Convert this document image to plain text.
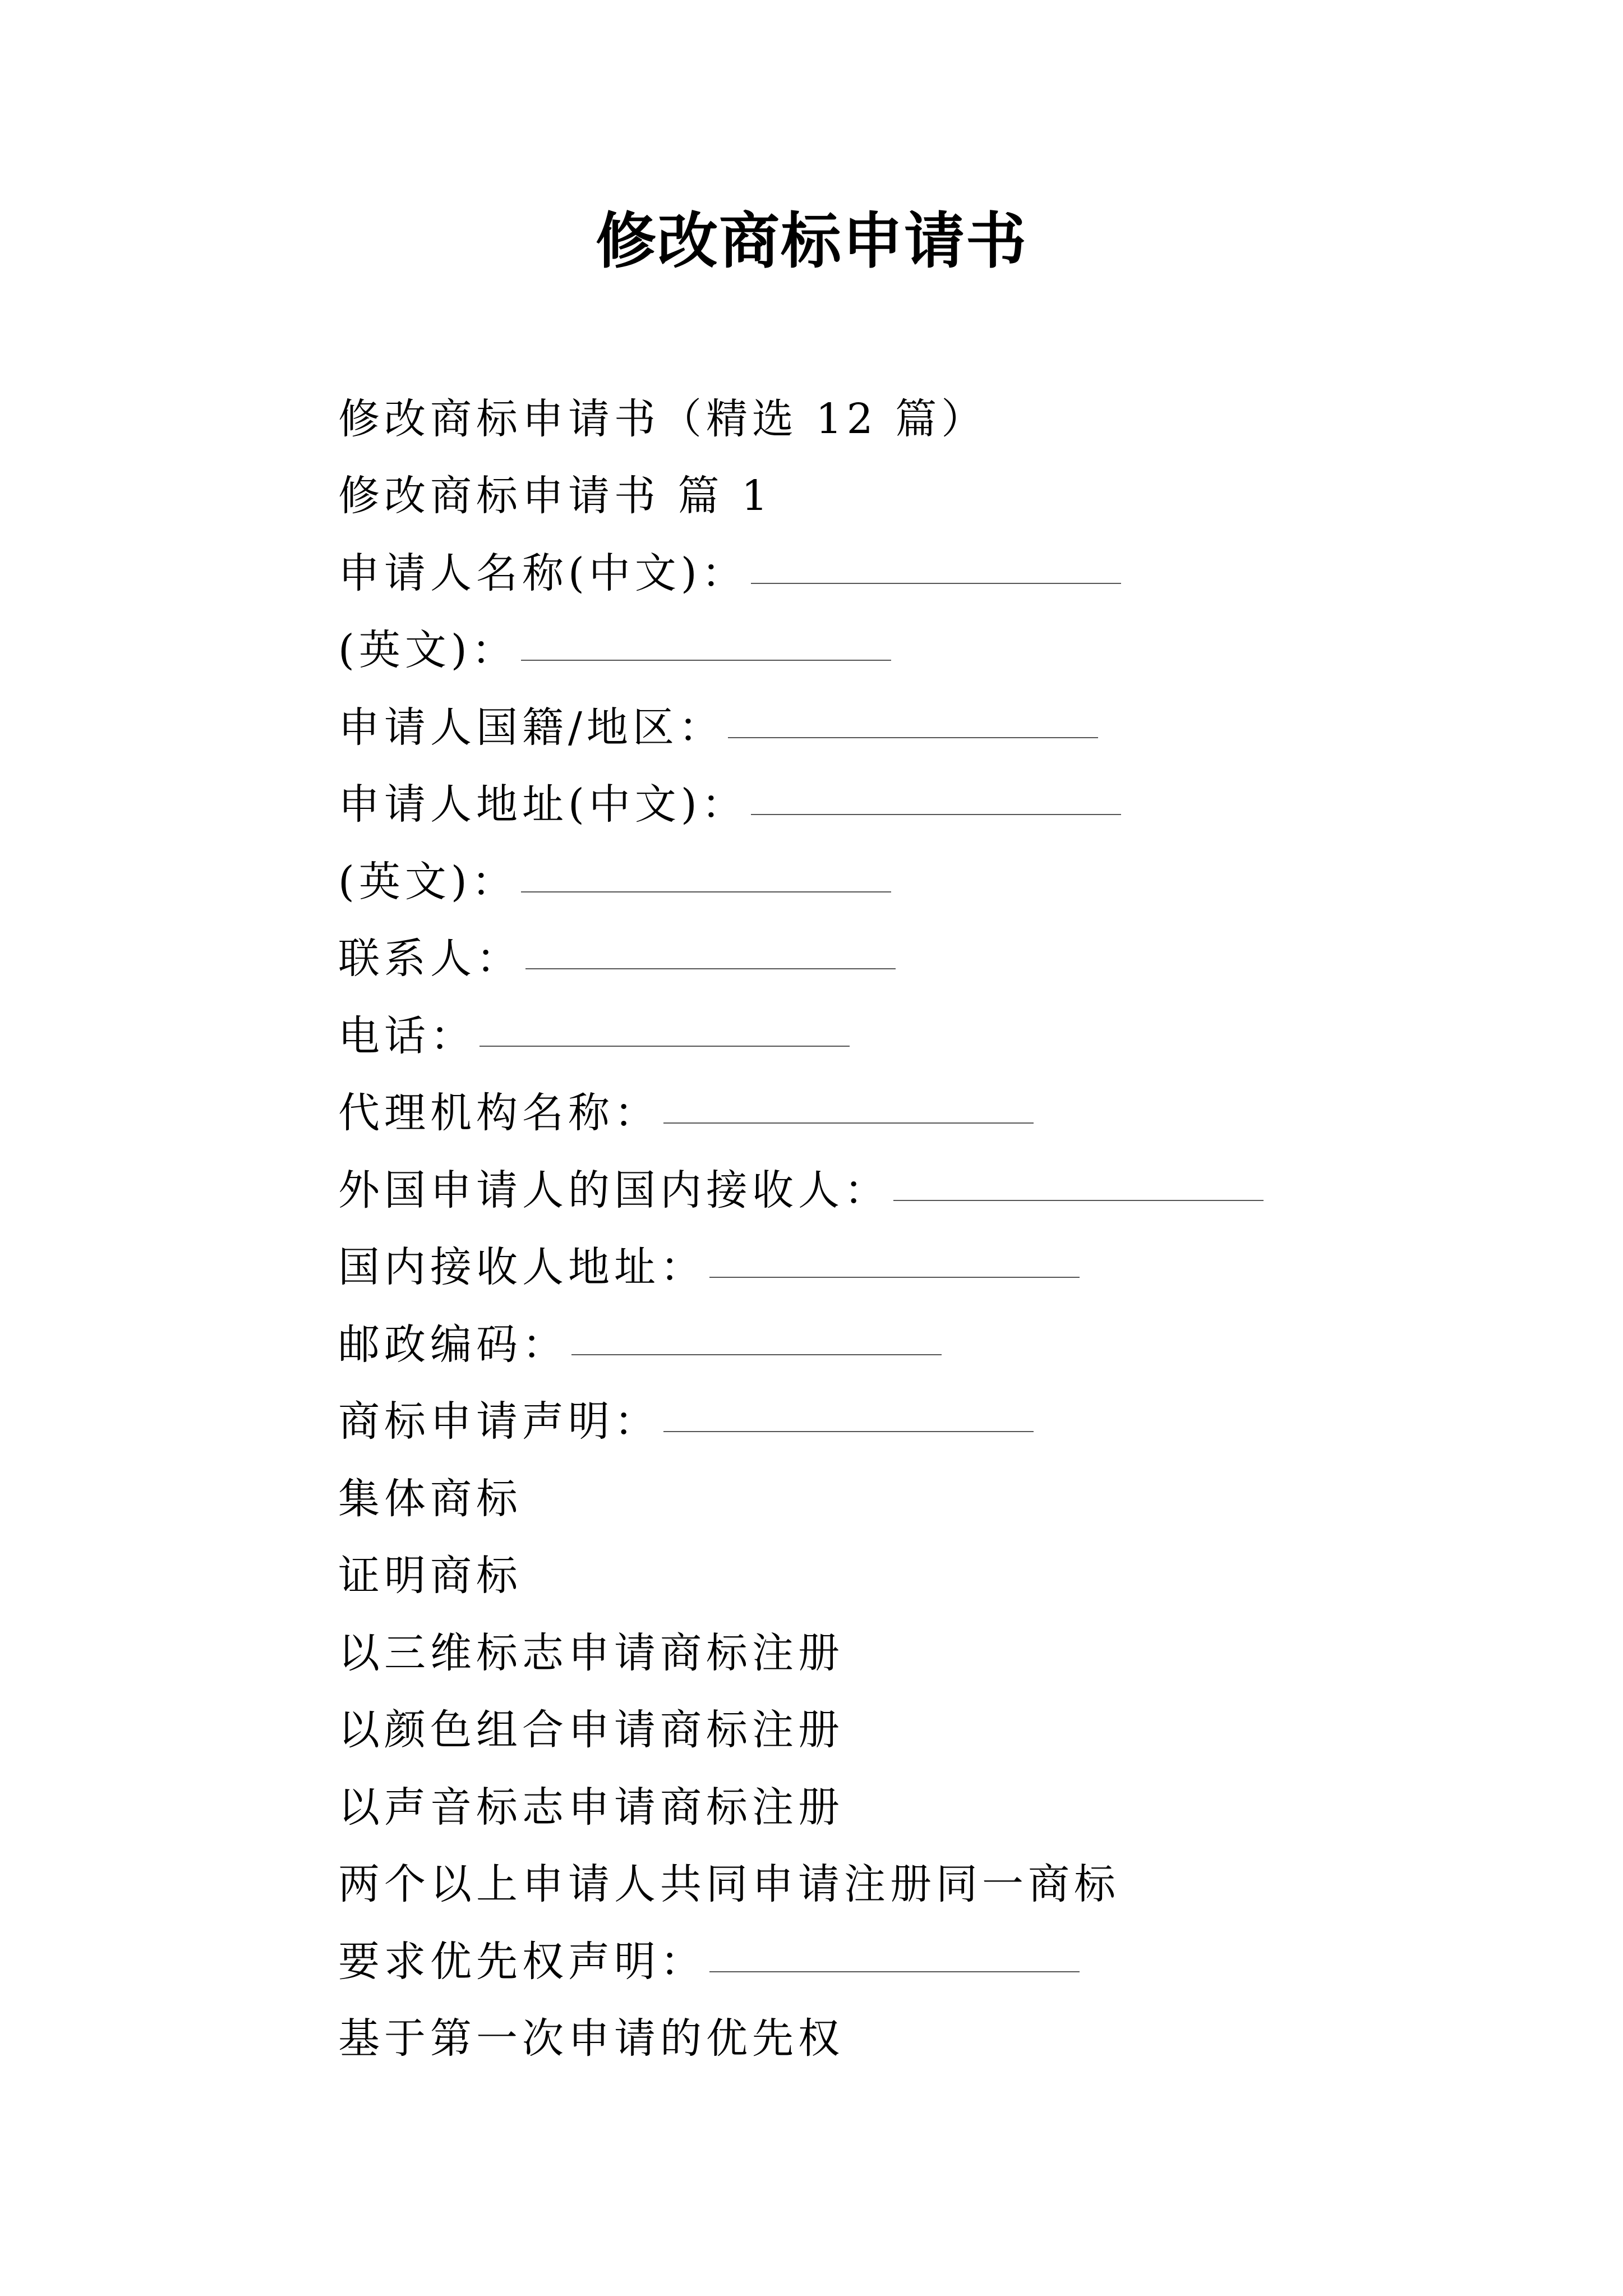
修改商标申请书
修改商标申请书（精选 12 篇）
修改商标申请书 篇 1
申请人名称(中文)：
(英文)：
申请人国籍/地区：
申请人地址(中文)：
(英文)：
联系人：
电话：
代理机构名称：
外国申请人的国内接收人：
国内接收人地址：
邮政编码：
商标申请声明：
集体商标
证明商标
以三维标志申请商标注册
以颜色组合申请商标注册
以声音标志申请商标注册
两个以上申请人共同申请注册同一商标
要求优先权声明：
基于第一次申请的优先权
